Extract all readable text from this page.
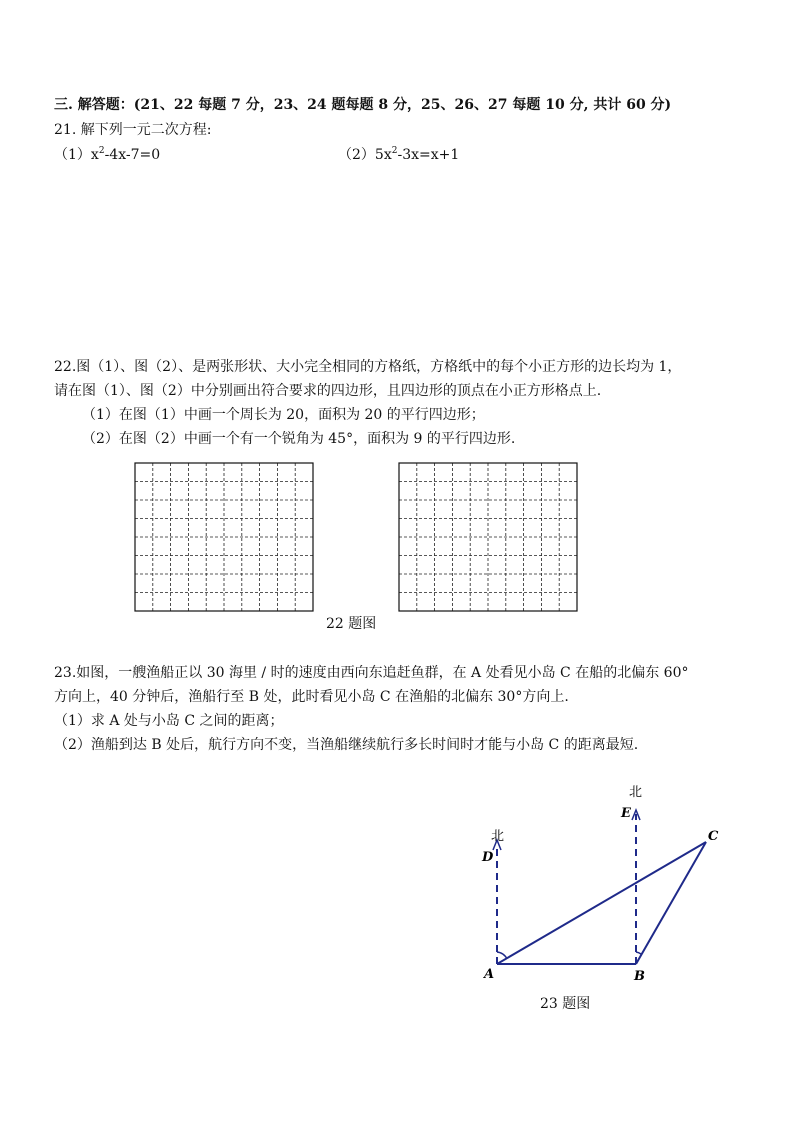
三. 解答题：(21、22 每题 7 分，23、24 题每题 8 分，25、26、27 每题 10 分, 共计 60 分)
21. 解下列一元二次方程:
$(1)x^2-4x-7=0$	$(2)5x^2-3x=x+1$
22.图（1）、图（2）、是两张形状、大小完全相同的方格纸，方格纸中的每个小正方形的边长均为 1，
请在图（1）、图（2）中分别画出符合要求的四边形，且四边形的顶点在小正方形格点上.
（1）在图（1）中画一个周长为 20，面积为 20 的平行四边形；
（2）在图（2）中画一个有一个锐角为 45°，面积为 9 的平行四边形.
22 题图
23.如图，一艘渔船正以 30 海里 / 时的速度由西向东追赶鱼群，在 A 处看见小岛 C 在船的北偏东 60°
方向上，40 分钟后，渔船行至 B 处，此时看见小岛 C 在渔船的北偏东 30°方向上.
（1）求 A 处与小岛 C 之间的距离；
（2）渔船到达 B 处后，航行方向不变，当渔船继续航行多长时间时才能与小岛 C 的距离最短.
北
北
D
E
A	B
C
23 题图
